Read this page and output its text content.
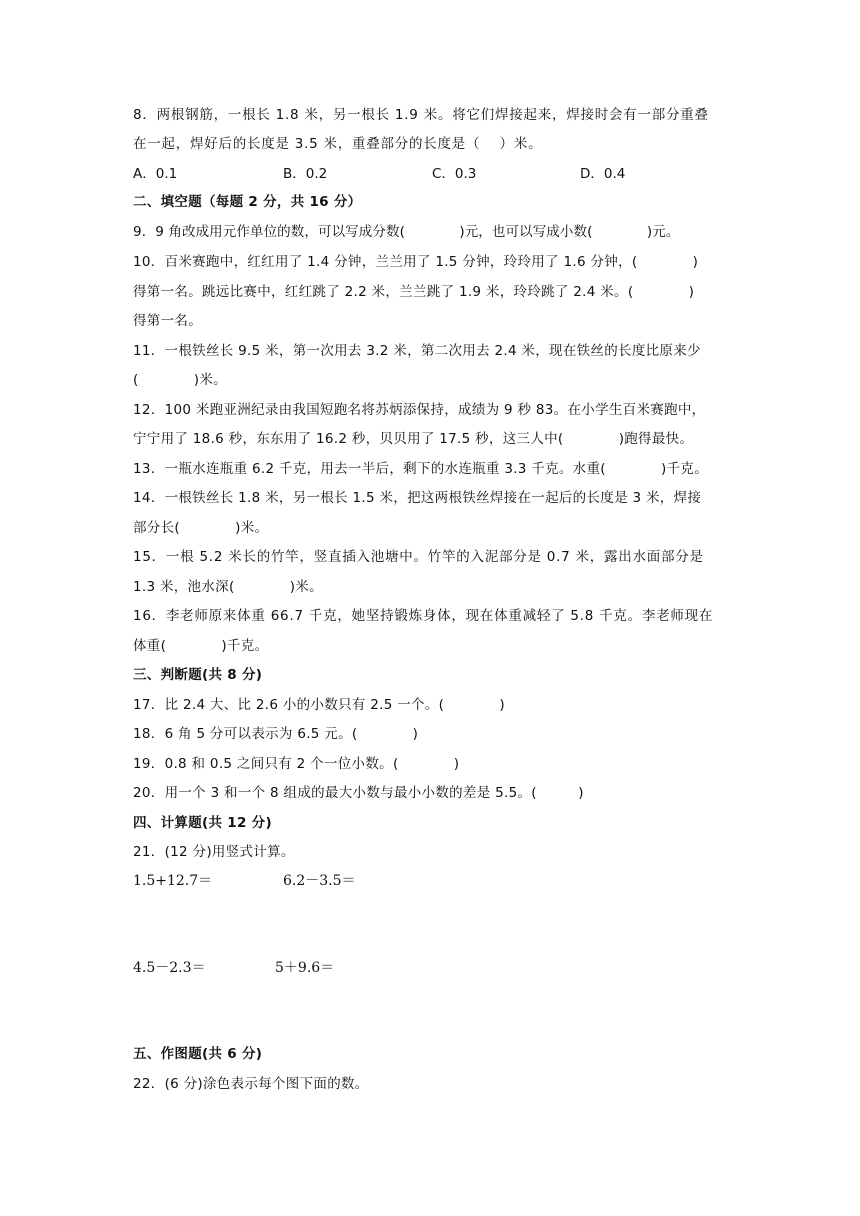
8．两根钢筋，一根长 1.8 米，另一根长 1.9 米。将它们焊接起来，焊接时会有一部分重叠
在一起，焊好后的长度是 3.5 米，重叠部分的长度是（　 ）米。
A．0.1	B．0.2	C．0.3	D．0.4
二、填空题（每题 2 分，共 16 分）
9．9 角改成用元作单位的数，可以写成分数(　　　　)元，也可以写成小数(　　　　)元。
10．百米赛跑中，红红用了 1.4 分钟，兰兰用了 1.5 分钟，玲玲用了 1.6 分钟，(　　　　)
得第一名。跳远比赛中，红红跳了 2.2 米，兰兰跳了 1.9 米，玲玲跳了 2.4 米。(　　　　)
得第一名。
11．一根铁丝长 9.5 米，第一次用去 3.2 米，第二次用去 2.4 米，现在铁丝的长度比原来少
(　　　　)米。
12．100 米跑亚洲纪录由我国短跑名将苏炳添保持，成绩为 9 秒 83。在小学生百米赛跑中，
宁宁用了 18.6 秒，东东用了 16.2 秒，贝贝用了 17.5 秒，这三人中(　　　　)跑得最快。
13．一瓶水连瓶重 6.2 千克，用去一半后，剩下的水连瓶重 3.3 千克。水重(　　　　)千克。
14．一根铁丝长 1.8 米，另一根长 1.5 米，把这两根铁丝焊接在一起后的长度是 3 米，焊接
部分长(　　　　)米。
15．一根 5.2 米长的竹竿，竖直插入池塘中。竹竿的入泥部分是 0.7 米，露出水面部分是
1.3 米，池水深(　　　　)米。
16．李老师原来体重 66.7 千克，她坚持锻炼身体，现在体重减轻了 5.8 千克。李老师现在
体重(　　　　)千克。
三、判断题(共 8 分)
17．比 2.4 大、比 2.6 小的小数只有 2.5 一个。(　　　　)
18．6 角 5 分可以表示为 6.5 元。(　　　　)
19．0.8 和 0.5 之间只有 2 个一位小数。(　　　　)
20．用一个 3 和一个 8 组成的最大小数与最小小数的差是 5.5。(　　　)
四、计算题(共 12 分)
21．(12 分)用竖式计算。
1.5+12.7＝	6.2－3.5＝
4.5－2.3＝	5＋9.6＝
五、作图题(共 6 分)
22．(6 分)涂色表示每个图下面的数。
